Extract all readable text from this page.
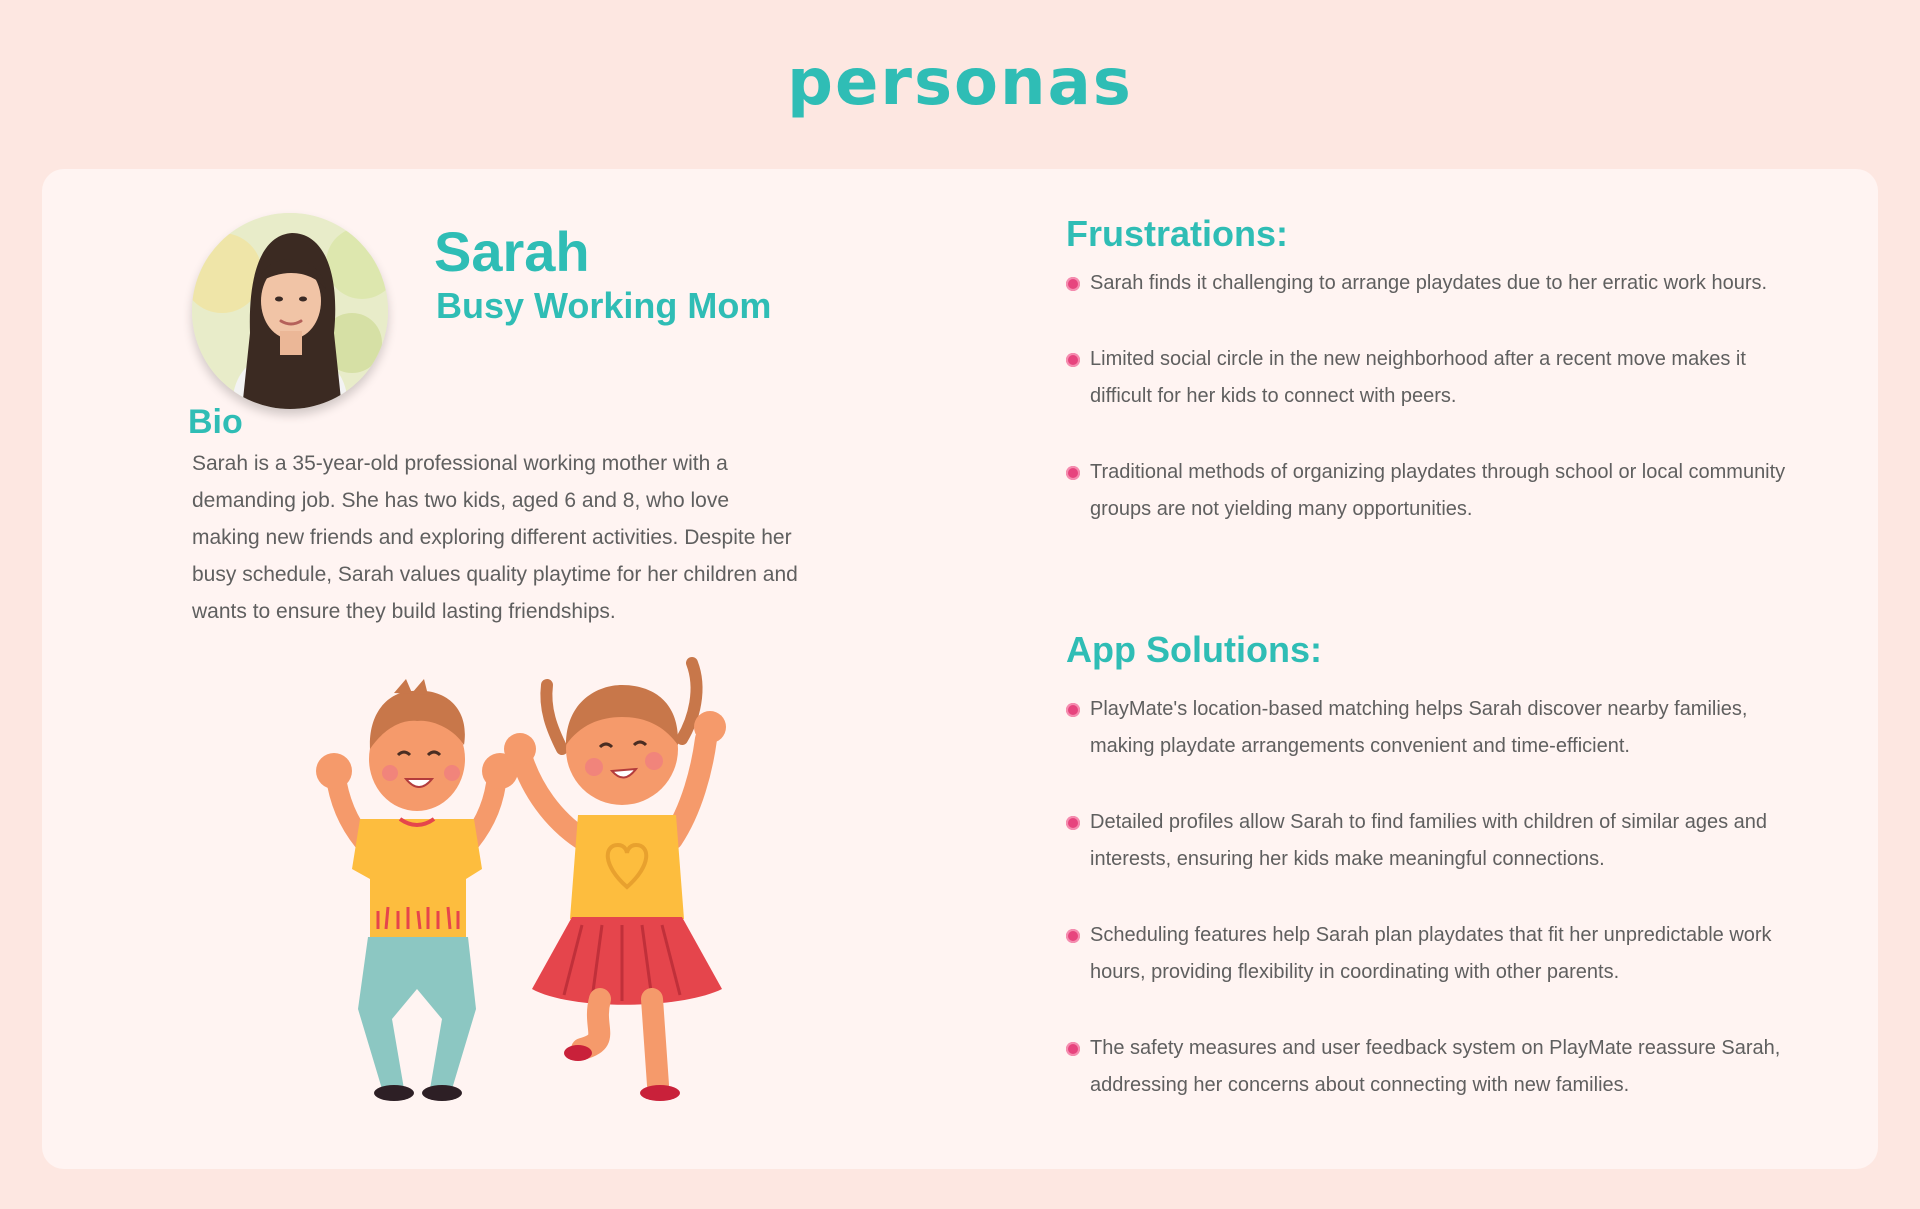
personas
Sarah
Busy Working Mom
Bio
Sarah is a 35-year-old professional working mother with a demanding job. She has two kids, aged 6 and 8, who love making new friends and exploring different activities. Despite her busy schedule, Sarah values quality playtime for her children and wants to ensure they build lasting friendships.
Frustrations:
Sarah finds it challenging to arrange playdates due to her erratic work hours.
Limited social circle in the new neighborhood after a recent move makes it difficult for her kids to connect with peers.
Traditional methods of organizing playdates through school or local community groups are not yielding many opportunities.
App Solutions:
PlayMate's location-based matching helps Sarah discover nearby families, making playdate arrangements convenient and time-efficient.
Detailed profiles allow Sarah to find families with children of similar ages and interests, ensuring her kids make meaningful connections.
Scheduling features help Sarah plan playdates that fit her unpredictable work hours, providing flexibility in coordinating with other parents.
The safety measures and user feedback system on PlayMate reassure Sarah, addressing her concerns about connecting with new families.
